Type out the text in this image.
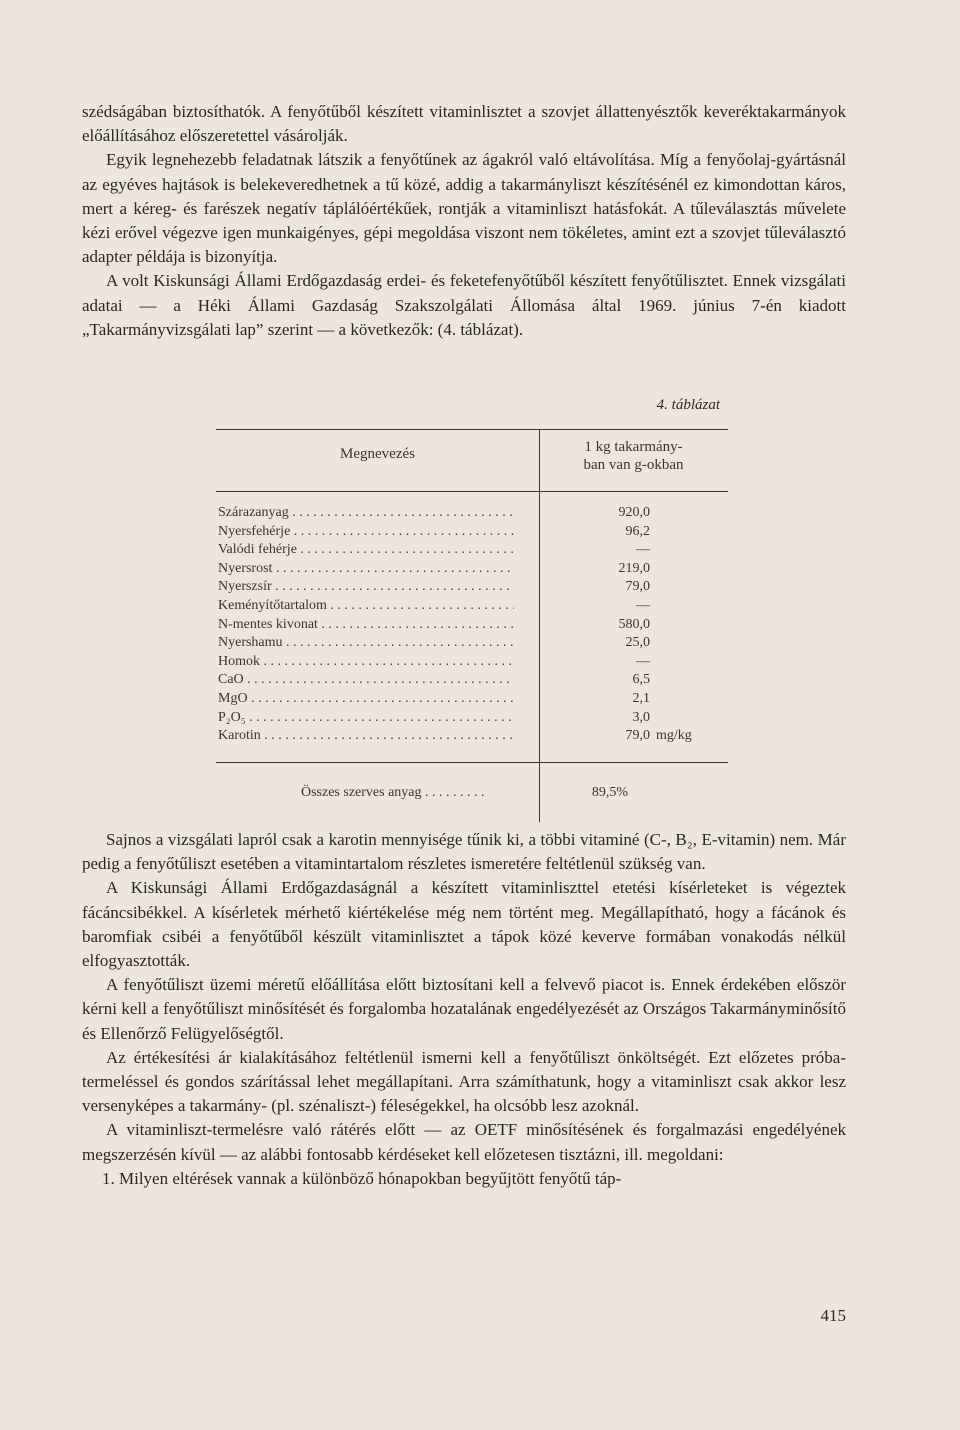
szédságában biztosíthatók. A fenyőtűből készített vitaminlisztet a szovjet állattenyésztők keveréktakarmányok előállításához előszeretettel vásárolják.

Egyik legnehezebb feladatnak látszik a fenyőtűnek az ágakról való eltávolítása. Míg a fenyőolaj-gyártásnál az egyéves hajtások is belekeveredhetnek a tű közé, addig a takarmányliszt készítésénél ez kimondottan káros, mert a kéreg- és farészek negatív táplálóértékűek, rontják a vitaminliszt hatásfokát. A tűleválasztás művelete kézi erővel végezve igen munkaigényes, gépi megoldása viszont nem tökéletes, amint ezt a szovjet tűleválasztó adapter példája is bizonyítja.

A volt Kiskunsági Állami Erdőgazdaság erdei- és feketefenyőtűből készített fenyőtűlisztet. Ennek vizsgálati adatai — a Héki Állami Gazdaság Szakszolgálati Állomása által 1969. június 7-én kiadott „Takarmányvizsgálati lap” szerint — a következők: (4. táblázat).

4. táblázat
Megnevezés	1 kg takarmány-
ban van g-okban
Szárazanyag . . .	920,0
Nyersfehérje . . .	96,2
Valódi fehérje . . .	—
Nyersrost . . .	219,0
Nyerszsír . . .	79,0
Keményítőtartalom . . .	—
N-mentes kivonat . . .	580,0
Nyershamu . . .	25,0
Homok . . .	—
CaO . . .	6,5
MgO . . .	2,1
P₂O₅ . . .	3,0
Karotin . . .	79,0 mg/kg
Összes szerves anyag . . .	89,5%

Sajnos a vizsgálati lapról csak a karotin mennyisége tűnik ki, a többi vitaminé (C-, B₂, E-vitamin) nem. Már pedig a fenyőtűliszt esetében a vitamintartalom részletes ismeretére feltétlenül szükség van.

A Kiskunsági Állami Erdőgazdaságnál a készített vitaminliszttel etetési kísérleteket is végeztek fácáncsibékkel. A kísérletek mérhető kiértékelése még nem történt meg. Megállapítható, hogy a fácánok és baromfiak csibéi a fenyőtűből készült vitaminlisztet a tápok közé keverve formában vonakodás nélkül elfogyasztották.

A fenyőtűliszt üzemi méretű előállítása előtt biztosítani kell a felvevő piacot is. Ennek érdekében először kérni kell a fenyőtűliszt minősítését és forgalomba hozatalának engedélyezését az Országos Takarmányminősítő és Ellenőrző Felügyelőségtől.

Az értékesítési ár kialakításához feltétlenül ismerni kell a fenyőtűliszt önköltségét. Ezt előzetes próba-termeléssel és gondos szárítással lehet megállapítani. Arra számíthatunk, hogy a vitaminliszt csak akkor lesz versenyképes a takarmány- (pl. szénaliszt-) féleségekkel, ha olcsóbb lesz azoknál.

A vitaminliszt-termelésre való rátérés előtt — az OETF minősítésének és forgalmazási engedélyének megszerzésén kívül — az alábbi fontosabb kérdéseket kell előzetesen tisztázni, ill. megoldani:

1. Milyen eltérések vannak a különböző hónapokban begyűjtött fenyőtű táp-

415
